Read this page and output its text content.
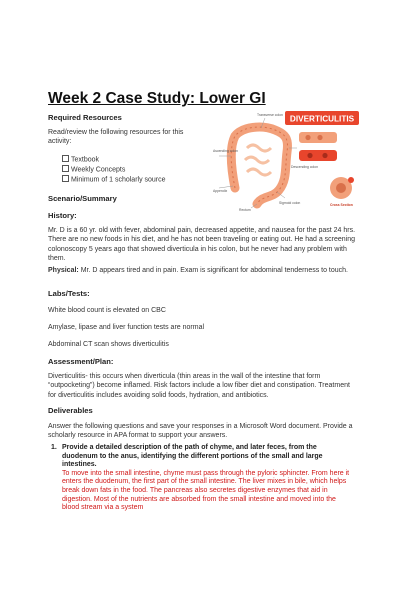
Week 2 Case Study: Lower GI
Required Resources
Read/review the following resources for this activity:
Textbook
Weekly Concepts
Minimum of 1 scholarly source
DIVERTICULITIS
Transverse colon
Ascending colon
Appendix
Descending colon
Rectum
Sigmoid colon	Cross Section
Scenario/Summary
History:
Mr. D is a 60 yr. old with fever, abdominal pain, decreased appetite, and nausea for the past 24 hrs. There are no new foods in his diet, and he has not been traveling or eating out. He had a screening colonoscopy 5 years ago that showed diverticula in his colon, but he never had any problem with them.
Physical: Mr. D appears tired and in pain. Exam is significant for abdominal tenderness to touch.
Labs/Tests:
White blood count is elevated on CBC
Amylase, lipase and liver function tests are normal
Abdominal CT scan shows diverticulitis
Assessment/Plan:
Diverticulitis- this occurs when diverticula (thin areas in the wall of the intestine that form “outpocketing”) become inflamed. Risk factors include a low fiber diet and constipation. Treatment for diverticulitis includes avoiding solid foods, hydration, and antibiotics.
Deliverables
Answer the following questions and save your responses in a Microsoft Word document. Provide a scholarly resource in APA format to support your answers.
1. Provide a detailed description of the path of chyme, and later feces, from the duodenum to the anus, identifying the different portions of the small and large intestines.
To move into the small intestine, chyme must pass through the pyloric sphincter. From here it enters the duodenum, the first part of the small intestine. The liver mixes in bile, which helps break down fats in the food. The pancreas also secretes digestive enzymes that aid in digestion. Most of the nutrients are absorbed from the small intestine and moved into the blood stream via a system
